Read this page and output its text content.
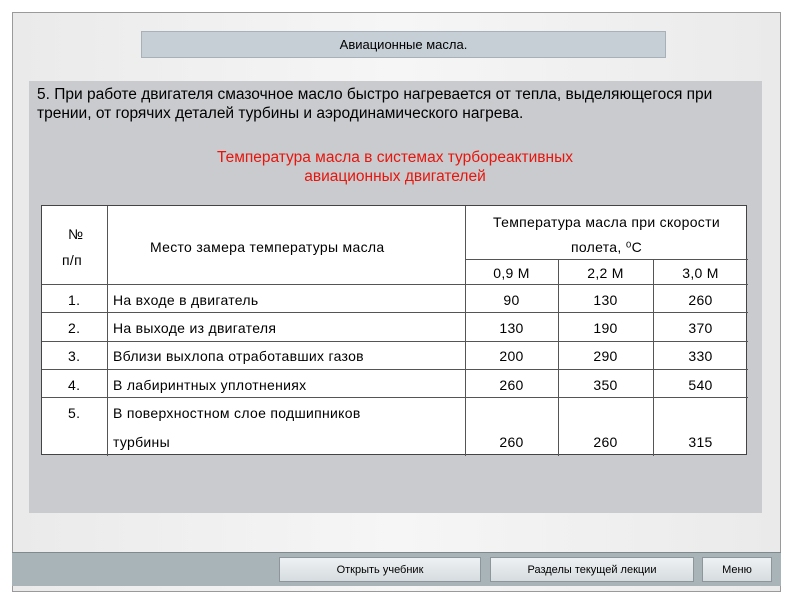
Авиационные масла.
5. При работе двигателя смазочное масло быстро нагревается от тепла, выделяющегося при трении, от горячих деталей турбины и аэродинамического нагрева.
Температура масла в системах турбореактивных
авиационных двигателей
№
п/п
Место замера температуры масла
Температура масла при скорости
полета, ⁰C
0,9 М	2,2 М	3,0 М
1. На входе в двигатель	90	130	260
2. На выходе из двигателя	130	190	370
3. Вблизи выхлопа отработавших газов	200	290	330
4. В лабиринтных уплотнениях	260	350	540
5. В поверхностном слое подшипников
турбины	260	260	315
Открыть учебник	Разделы текущей лекции	Меню
